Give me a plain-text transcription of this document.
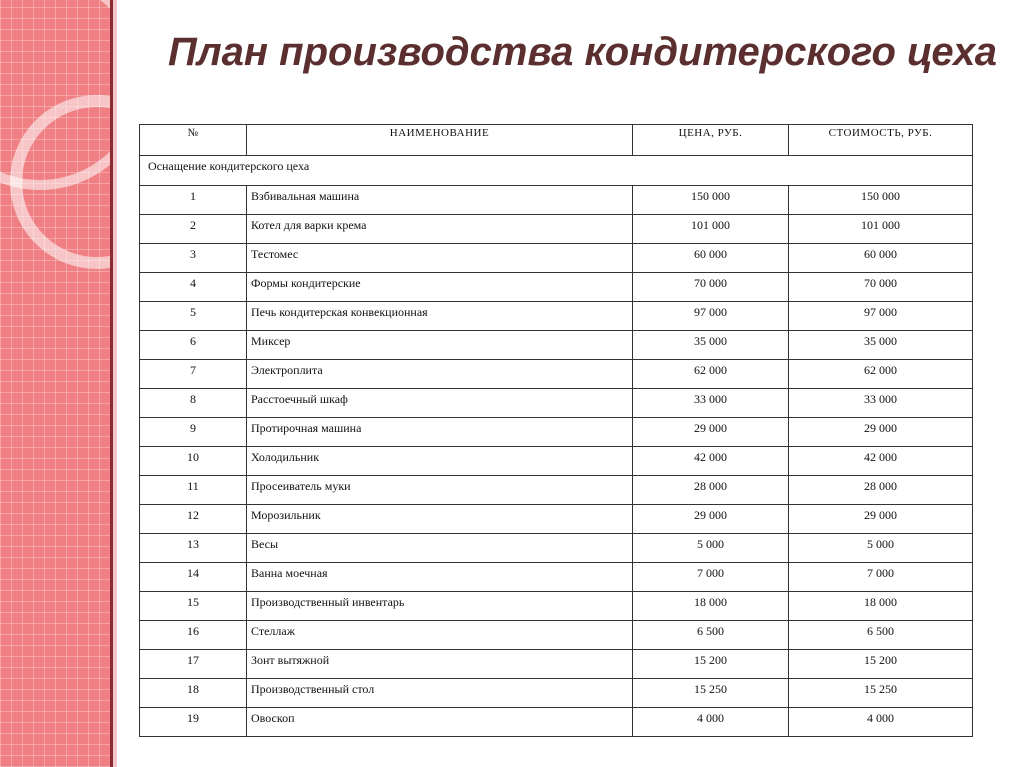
План производства кондитерского цеха
№	НАИМЕНОВАНИЕ	ЦЕНА, РУБ.	СТОИМОСТЬ, РУБ.
Оснащение кондитерского цеха			
1	Взбивальная машина	150 000	150 000
2	Котел для варки крема	101 000	101 000
3	Тестомес	60 000	60 000
4	Формы кондитерские	70 000	70 000
5	Печь кондитерская конвекционная	97 000	97 000
6	Миксер	35 000	35 000
7	Электроплита	62 000	62 000
8	Расстоечный шкаф	33 000	33 000
9	Протирочная машина	29 000	29 000
10	Холодильник	42 000	42 000
11	Просеиватель муки	28 000	28 000
12	Морозильник	29 000	29 000
13	Весы	5 000	5 000
14	Ванна моечная	7 000	7 000
15	Производственный инвентарь	18 000	18 000
16	Стеллаж	6 500	6 500
17	Зонт вытяжной	15 200	15 200
18	Производственный стол	15 250	15 250
19	Овоскоп	4 000	4 000
